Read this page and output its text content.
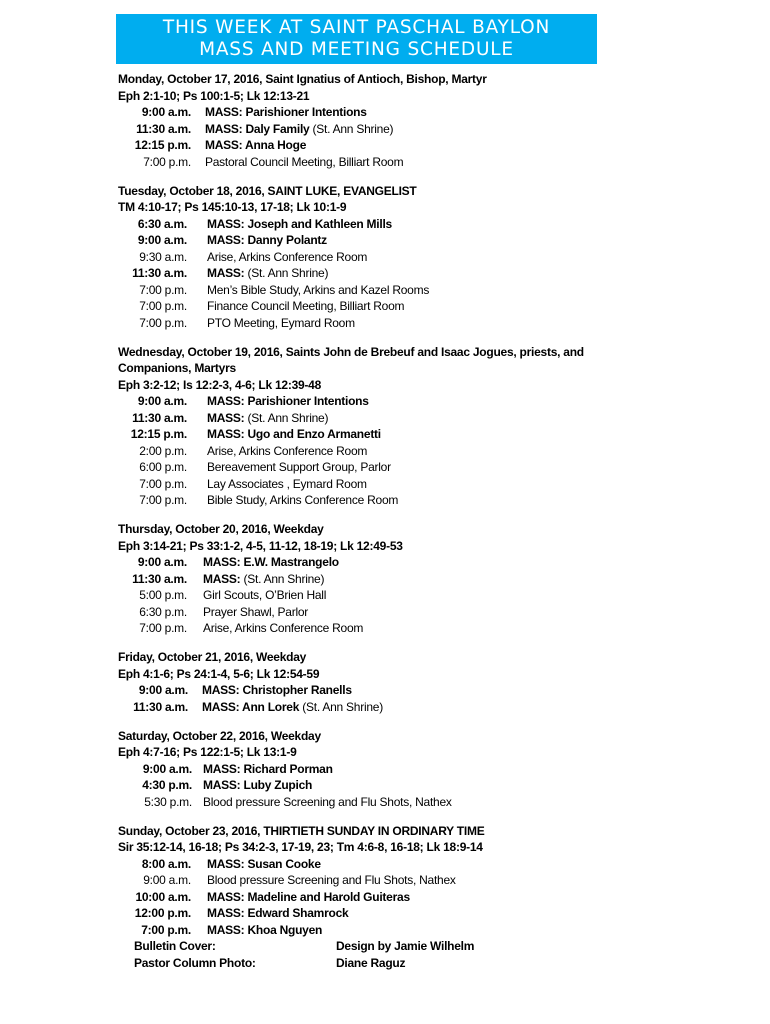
THIS WEEK AT SAINT PASCHAL BAYLON
MASS AND MEETING SCHEDULE
Monday, October 17, 2016, Saint Ignatius of Antioch, Bishop, Martyr
Eph 2:1-10; Ps 100:1-5; Lk 12:13-21
9:00 a.m.	MASS: Parishioner Intentions
11:30 a.m.	MASS: Daly Family (St. Ann Shrine)
12:15 p.m.	MASS: Anna Hoge
7:00 p.m.	Pastoral Council Meeting, Billiart Room
Tuesday, October 18, 2016, SAINT LUKE, EVANGELIST
TM 4:10-17; Ps 145:10-13, 17-18; Lk 10:1-9
6:30 a.m.	MASS: Joseph and Kathleen Mills
9:00 a.m.	MASS: Danny Polantz
9:30 a.m.	Arise, Arkins Conference Room
11:30 a.m.	MASS: (St. Ann Shrine)
7:00 p.m.	Men’s Bible Study, Arkins and Kazel Rooms
7:00 p.m.	Finance Council Meeting, Billiart Room
7:00 p.m.	PTO Meeting, Eymard Room
Wednesday, October 19, 2016, Saints John de Brebeuf and Isaac Jogues, priests, and
Companions, Martyrs
Eph 3:2-12; Is 12:2-3, 4-6; Lk 12:39-48
9:00 a.m.	MASS: Parishioner Intentions
11:30 a.m.	MASS: (St. Ann Shrine)
12:15 p.m.	MASS: Ugo and Enzo Armanetti
2:00 p.m.	Arise, Arkins Conference Room
6:00 p.m.	Bereavement Support Group, Parlor
7:00 p.m.	Lay Associates , Eymard Room
7:00 p.m.	Bible Study, Arkins Conference Room
Thursday, October 20, 2016, Weekday
Eph 3:14-21; Ps 33:1-2, 4-5, 11-12, 18-19; Lk 12:49-53
9:00 a.m.	MASS: E.W. Mastrangelo
11:30 a.m.	MASS: (St. Ann Shrine)
5:00 p.m.	Girl Scouts, O’Brien Hall
6:30 p.m.	Prayer Shawl, Parlor
7:00 p.m.	Arise, Arkins Conference Room
Friday, October 21, 2016, Weekday
Eph 4:1-6; Ps 24:1-4, 5-6; Lk 12:54-59
9:00 a.m.	MASS: Christopher Ranells
11:30 a.m.	MASS: Ann Lorek (St. Ann Shrine)
Saturday, October 22, 2016, Weekday
Eph 4:7-16; Ps 122:1-5; Lk 13:1-9
9:00 a.m. MASS: Richard Porman
4:30 p.m. MASS: Luby Zupich
5:30 p.m. Blood pressure Screening and Flu Shots, Nathex
Sunday, October 23, 2016, THIRTIETH SUNDAY IN ORDINARY TIME
Sir 35:12-14, 16-18; Ps 34:2-3, 17-19, 23; Tm 4:6-8, 16-18; Lk 18:9-14
8:00 a.m.	MASS: Susan Cooke
9:00 a.m.	Blood pressure Screening and Flu Shots, Nathex
10:00 a.m.	MASS: Madeline and Harold Guiteras
12:00 p.m.	MASS: Edward Shamrock
7:00 p.m.	MASS: Khoa Nguyen
Bulletin Cover:	Design by Jamie Wilhelm
Pastor Column Photo:	Diane Raguz
